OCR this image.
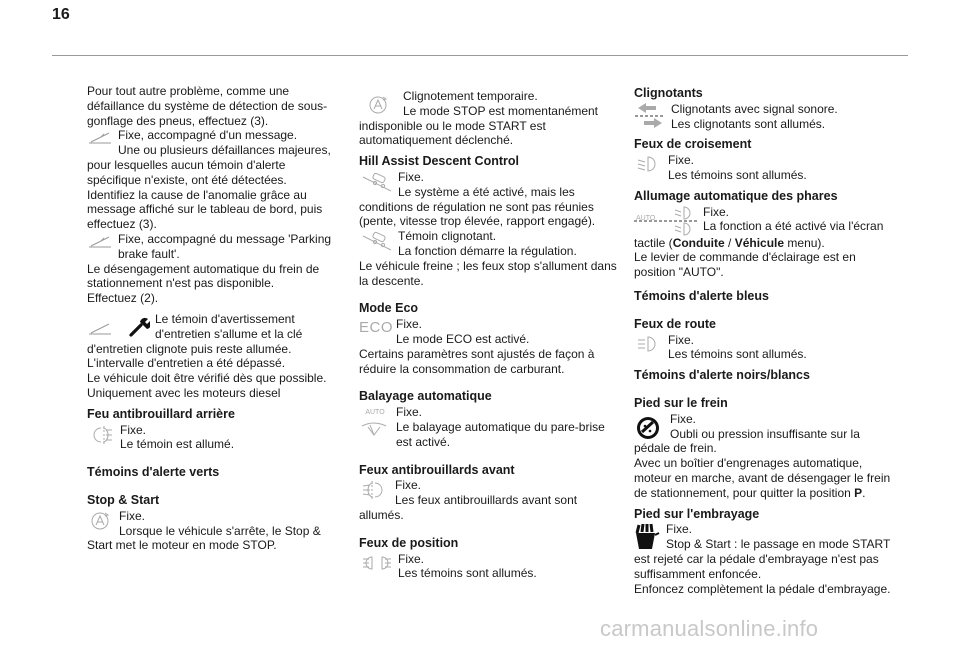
16

Pour tout autre problème, comme une défaillance du système de détection de sous-gonflage des pneus, effectuez (3).

Fixe, accompagné d'un message.

Une ou plusieurs défaillances majeures, pour lesquelles aucun témoin d'alerte spécifique n'existe, ont été détectées.

Identifiez la cause de l'anomalie grâce au message affiché sur le tableau de bord, puis effectuez (3).

Fixe, accompagné du message 'Parking brake fault'.

Le désengagement automatique du frein de stationnement n'est pas disponible.

Effectuez (2).

Le témoin d'avertissement d'entretien s'allume et la clé

d'entretien clignote puis reste allumée.

L'intervalle d'entretien a été dépassé.

Le véhicule doit être vérifié dès que possible.

Uniquement avec les moteurs diesel

Feu antibrouillard arrière

Fixe.

Le témoin est allumé.

Témoins d'alerte verts
Stop & Start

Fixe.

Lorsque le véhicule s'arrête, le Stop & Start met le moteur en mode STOP.

Clignotement temporaire.

Le mode STOP est momentanément indisponible ou le mode START est automatiquement déclenché.

Hill Assist Descent Control

Fixe.

Le système a été activé, mais les conditions de régulation ne sont pas réunies (pente, vitesse trop élevée, rapport engagé).

Témoin clignotant.

La fonction démarre la régulation.

Le véhicule freine ; les feux stop s'allument dans la descente.

Mode Eco
ECO Fixe.

Le mode ECO est activé.

Certains paramètres sont ajustés de façon à réduire la consommation de carburant.

Balayage automatique
AUTO Fixe.

Le balayage automatique du pare-brise est activé.

Feux antibrouillards avant

Fixe.

Les feux antibrouillards avant sont allumés.

Feux de position

Fixe.

Les témoins sont allumés.

Clignotants

Clignotants avec signal sonore.

Les clignotants sont allumés.

Feux de croisement

Fixe.

Les témoins sont allumés.

Allumage automatique des phares
AUTO	Fixe.

La fonction a été activé via l'écran

tactile (Conduite / Véhicule menu).

Le levier de commande d'éclairage est en position "AUTO".

Témoins d'alerte bleus
Feux de route

Fixe.

Les témoins sont allumés.

Témoins d'alerte noirs/blancs
Pied sur le frein

Fixe.

Oubli ou pression insuffisante sur la pédale de frein.

Avec un boîtier d'engrenages automatique, moteur en marche, avant de désengager le frein de stationnement, pour quitter la position P.

Pied sur l'embrayage

Fixe.

Stop & Start : le passage en mode START est rejeté car la pédale d'embrayage n'est pas suffisamment enfoncée.

Enfoncez complètement la pédale d'embrayage.

carmanualsonline.info
